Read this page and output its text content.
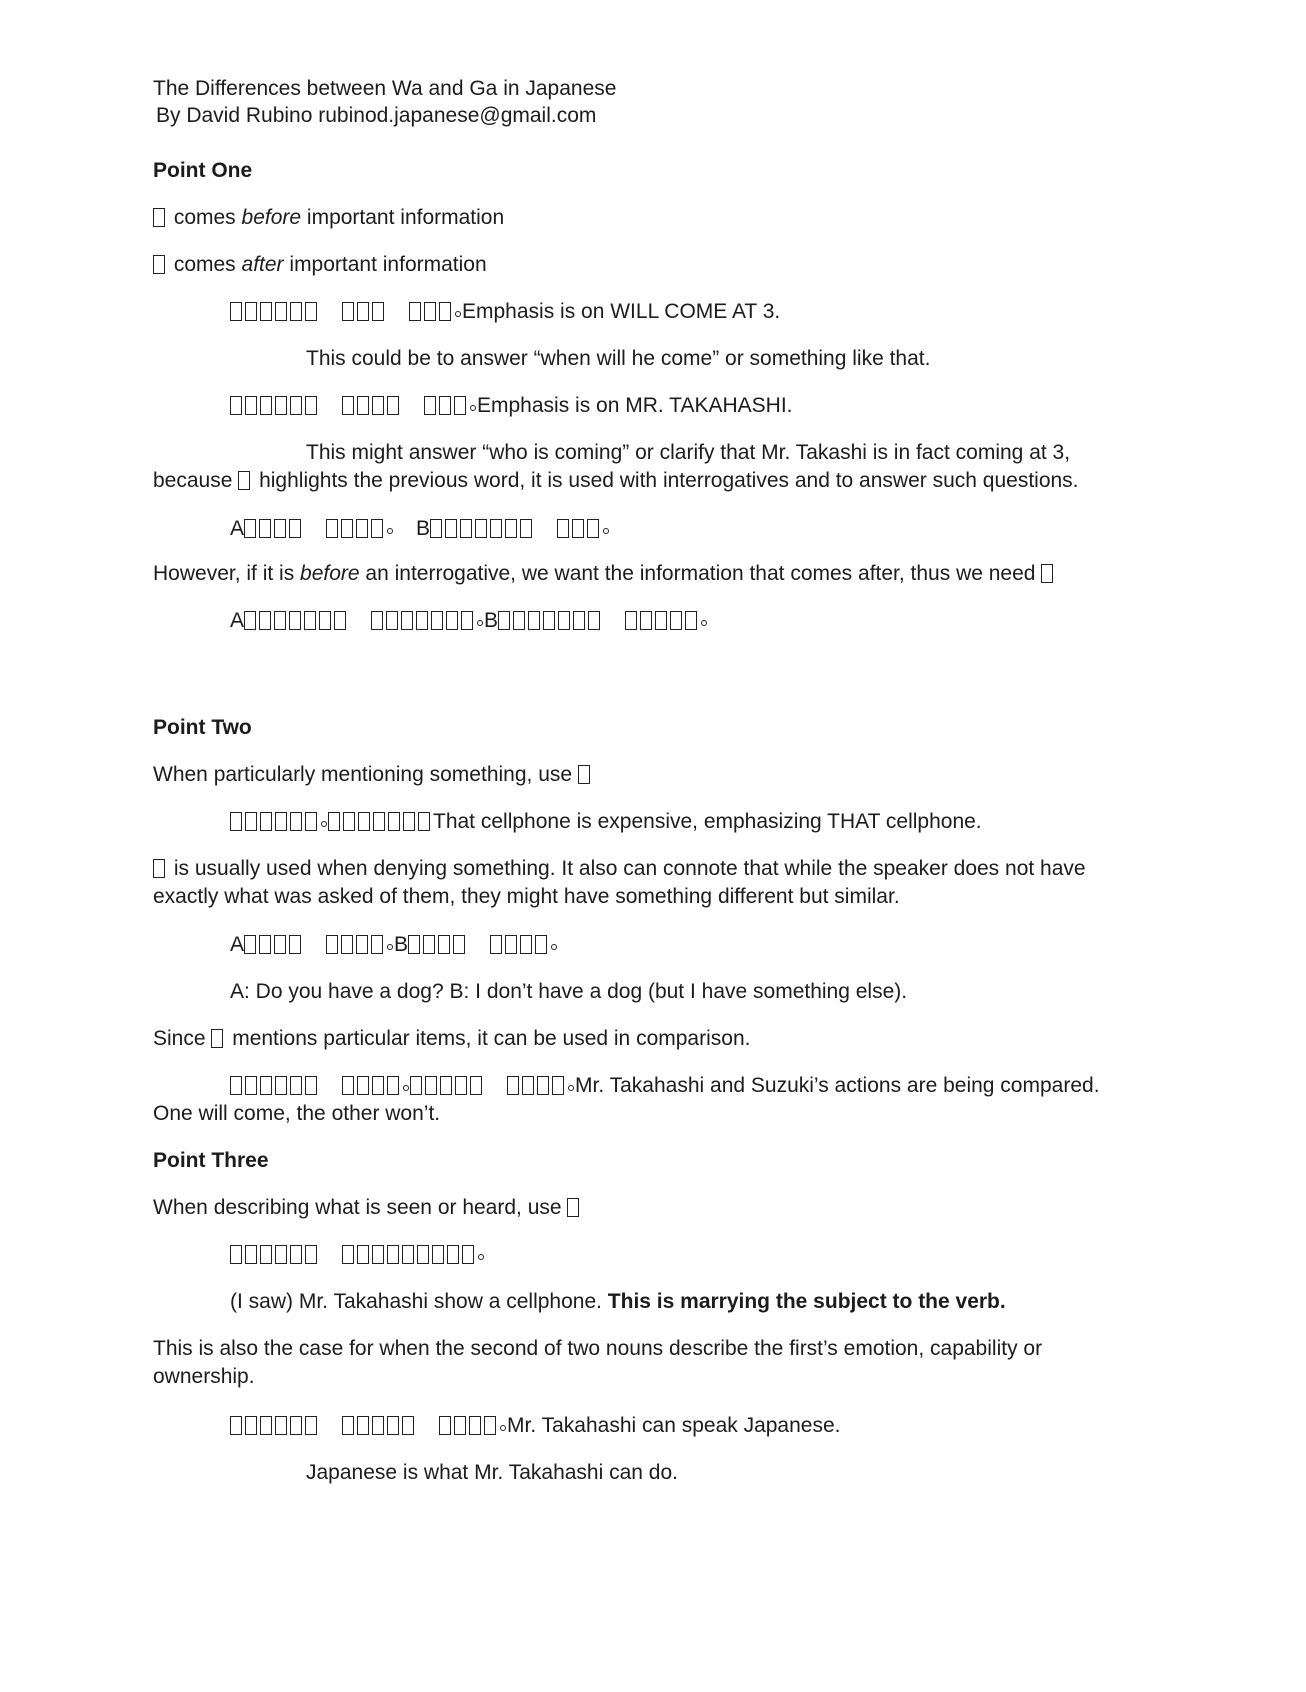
The Differences between Wa and Ga in Japanese
By David Rubino rubinod.japanese@gmail.com
Point One
comes before important information
comes after important information
Emphasis is on WILL COME AT 3.
This could be to answer “when will he come” or something like that.
Emphasis is on MR. TAKAHASHI.
This might answer “who is coming” or clarify that Mr. Takashi is in fact coming at 3,
because  highlights the previous word, it is used with interrogatives and to answer such questions.
A	B
However, if it is before an interrogative, we want the information that comes after, thus we need
A	B
Point Two
When particularly mentioning something, use
That cellphone is expensive, emphasizing THAT cellphone.
is usually used when denying something. It also can connote that while the speaker does not have
exactly what was asked of them, they might have something different but similar.
A	B
A: Do you have a dog? B: I don’t have a dog (but I have something else).
Since  mentions particular items, it can be used in comparison.
Mr. Takahashi and Suzuki’s actions are being compared.
One will come, the other won’t.
Point Three
When describing what is seen or heard, use
(I saw) Mr. Takahashi show a cellphone. This is marrying the subject to the verb.
This is also the case for when the second of two nouns describe the first’s emotion, capability or
ownership.
Mr. Takahashi can speak Japanese.
Japanese is what Mr. Takahashi can do.
